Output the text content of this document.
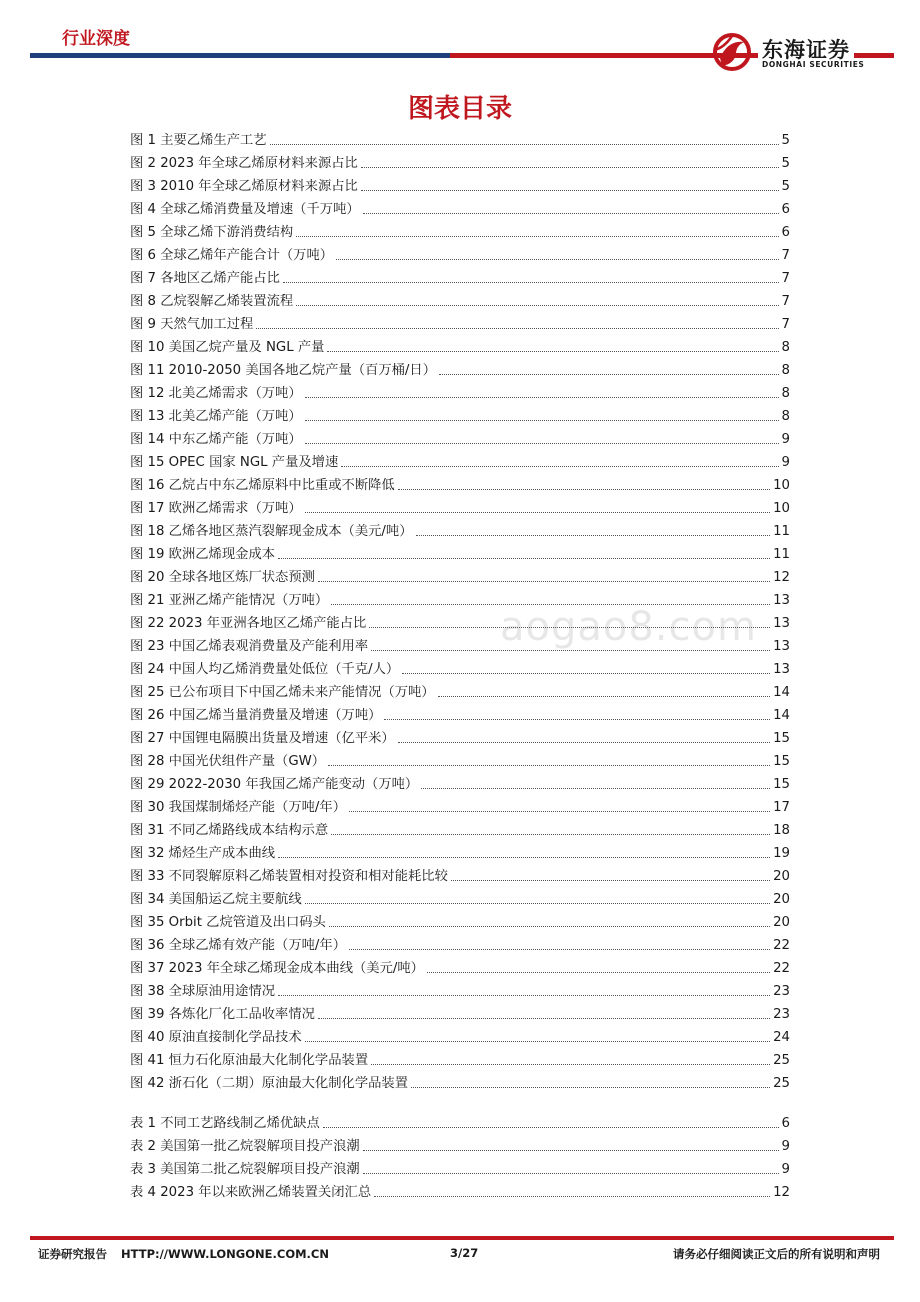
行业深度	东海证券
DONGHAI SECURITIES
图表目录
图 1 主要乙烯生产工艺	5
图 2 2023 年全球乙烯原材料来源占比	5
图 3 2010 年全球乙烯原材料来源占比	5
图 4 全球乙烯消费量及增速（千万吨）	6
图 5 全球乙烯下游消费结构	6
图 6 全球乙烯年产能合计（万吨）	7
图 7 各地区乙烯产能占比	7
图 8 乙烷裂解乙烯装置流程	7
图 9 天然气加工过程	7
图 10 美国乙烷产量及 NGL 产量	8
图 11 2010-2050 美国各地乙烷产量（百万桶/日）	8
图 12 北美乙烯需求（万吨）	8
图 13 北美乙烯产能（万吨）	8
图 14 中东乙烯产能（万吨）	9
图 15 OPEC 国家 NGL 产量及增速	9
图 16 乙烷占中东乙烯原料中比重或不断降低	10
图 17 欧洲乙烯需求（万吨）	10
图 18 乙烯各地区蒸汽裂解现金成本（美元/吨）	11
图 19 欧洲乙烯现金成本	11
图 20 全球各地区炼厂状态预测	12
图 21 亚洲乙烯产能情况（万吨）	13
图 22 2023 年亚洲各地区乙烯产能占比	13
图 23 中国乙烯表观消费量及产能利用率	13
图 24 中国人均乙烯消费量处低位（千克/人）	13
图 25 已公布项目下中国乙烯未来产能情况（万吨）	14
图 26 中国乙烯当量消费量及增速（万吨）	14
图 27 中国锂电隔膜出货量及增速（亿平米）	15
图 28 中国光伏组件产量（GW）	15
图 29 2022-2030 年我国乙烯产能变动（万吨）	15
图 30 我国煤制烯烃产能（万吨/年）	17
图 31 不同乙烯路线成本结构示意	18
图 32 烯烃生产成本曲线	19
图 33 不同裂解原料乙烯装置相对投资和相对能耗比较	20
图 34 美国船运乙烷主要航线	20
图 35 Orbit 乙烷管道及出口码头	20
图 36 全球乙烯有效产能（万吨/年）	22
图 37 2023 年全球乙烯现金成本曲线（美元/吨）	22
图 38 全球原油用途情况	23
图 39 各炼化厂化工品收率情况	23
图 40 原油直接制化学品技术	24
图 41 恒力石化原油最大化制化学品装置	25
图 42 浙石化（二期）原油最大化制化学品装置	25
表 1 不同工艺路线制乙烯优缺点	6
表 2 美国第一批乙烷裂解项目投产浪潮	9
表 3 美国第二批乙烷裂解项目投产浪潮	9
表 4 2023 年以来欧洲乙烯装置关闭汇总	12
aogao8.com
证券研究报告 HTTP://WWW.LONGONE.COM.CN	3/27	请务必仔细阅读正文后的所有说明和声明
